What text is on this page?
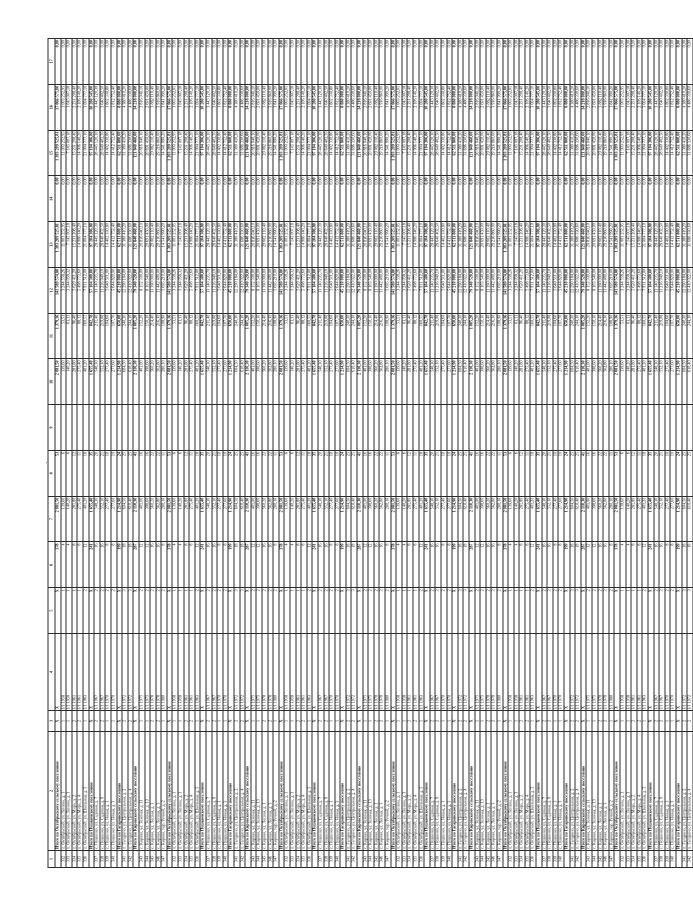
1	2	3	4	5	6	7	8	9	10	11	12	13	14	15	16	17
	Итого по Октябрьскому сельскому поселению	X	X	X	378	2 081,50	53		2 081,50	1 379,16	141 589 574,80	1 303 209 525,81	0,00	1 303 209 525,81	17 066 575,00	0,00
332	п. Октябрьский, ул. Ленина, д. 1	1	I/1 1958	1	4	139,60	6		139,60	53,51	3 244 558,26	11 003 252,95	0,00	11 003 252,95	1 003 252,95	0,00
333	п. Октябрьский, ул. Ленина, д. 3	1	I/1 1958	1	4	140,20	6		140,20	61,11	3 244 058,32	7 145 007,18	0,00	7 145 007,18	1 045 007,18	0,00
334	п. Октябрьский, ул. Мира, д. 2	2	I/1 1961	1	8	281,80	12		281,80	96,40	5 620 411,20	15 231 208,40	0,00	15 231 208,40	2 231 208,40	0,00
335	п. Октябрьский, ул. Мира, д. 4	2	I/1 1961	1	8	275,40	11		275,40	88,12	5 498 773,60	14 906 140,20	0,00	14 906 140,20	2 106 140,20	0,00
336	п. Октябрьский, ул. Школьная, д. 5	1	I/1 1963	2	12	401,20	18		401,20	160,55	7 931 512,00	21 004 777,10	0,00	21 004 777,10	3 004 777,10	0,00
	Итого по Пушкинскому поселению	X	X	X	241	1 655,40	35		1 655,40	842,78	57 104 300,00	97 104 306,80	0,00	97 104 306,80	10 280 545,00	0,00
337	с. Пушкино, ул. Садовая, д. 7	2	I/1 1967	2	16	548,30	20		548,30	211,40	11 140 235,70	28 445 120,30	0,00	28 445 120,30	3 445 120,30	0,00
338	с. Пушкино, ул. Садовая, д. 9	2	I/1 1967	2	16	552,10	21		552,10	219,08	11 216 940,10	28 640 402,50	0,00	28 640 402,50	3 640 402,50	0,00
339	с. Пушкино, ул. Новая, д. 1	1	I/1 1970	2	8	277,40	10		277,40	104,60	5 640 511,00	14 402 330,80	0,00	14 402 330,80	1 802 330,80	0,00
340	с. Пушкино, ул. Новая, д. 3	1	I/1 1970	2	8	277,60	10		277,60	107,70	5 644 820,00	14 412 752,40	0,00	14 412 752,40	1 812 752,40	0,00
	Итого по Гагаринскому поселению	X	X	X	199	1 214,90	24		1 214,90	650,00	45 210 000,00	62 511 800,00	0,00	62 511 800,00	8 080 000,00	0,00
341	п. Гагарино, ул. Центральная, д. 2	2	I/1 1972	3	18	604,50	25		604,50	240,30	12 290 184,00	31 380 410,20	0,00	31 380 410,20	4 380 410,20	0,00
342	п. Гагарино, ул. Центральная, д. 4	2	I/1 1972	3	18	610,40	25		610,40	244,10	12 410 022,00	31 686 330,60	0,00	31 686 330,60	4 486 330,60	0,00
	Итого по Кировскому сельскому поселению	X	X	X	287	2 110,30	41		2 110,30	1 005,20	79 340 520,00	121 840 460,00	0,00	121 840 460,00	14 218 000,00	0,00
343	с. Кирово, ул. Зеленая, д. 11	1	I/1 1975	2	12	401,00	16		401,00	152,20	8 152 330,00	20 816 040,10	0,00	20 816 040,10	2 816 040,10	0,00
344	с. Кирово, ул. Зеленая, д. 13	1	I/1 1975	2	12	398,60	16		398,60	150,10	8 103 540,00	20 691 450,00	0,00	20 691 450,00	2 691 450,00	0,00
345	с. Кирово, ул. Лесная, д. 1	2	I/1 1978	2	16	560,20	22		560,20	214,40	11 390 000,00	29 082 110,40	0,00	29 082 110,40	3 882 110,40	0,00
346	с. Кирово, ул. Лесная, д. 3	2	I/1 1978	2	16	562,80	22		562,80	216,30	11 442 400,00	29 216 860,00	0,00	29 216 860,00	3 916 860,00	0,00
347	с. Кирово, пер. Речной, д. 2	1	I/1 1980	2	8	280,10	11		280,10	108,90	5 695 210,00	14 541 990,20	0,00	14 541 990,20	1 841 990,20	0,00
	Итого по Октябрьскому сельскому поселению	X	X	X	378	2 081,50	53		2 081,50	1 379,16	141 589 574,80	1 303 209 525,81	0,00	1 303 209 525,81	17 066 575,00	0,00
332	п. Октябрьский, ул. Ленина, д. 1	1	I/1 1958	1	4	139,60	6		139,60	53,51	3 244 558,26	11 003 252,95	0,00	11 003 252,95	1 003 252,95	0,00
333	п. Октябрьский, ул. Ленина, д. 3	1	I/1 1958	1	4	140,20	6		140,20	61,11	3 244 058,32	7 145 007,18	0,00	7 145 007,18	1 045 007,18	0,00
334	п. Октябрьский, ул. Мира, д. 2	2	I/1 1961	1	8	281,80	12		281,80	96,40	5 620 411,20	15 231 208,40	0,00	15 231 208,40	2 231 208,40	0,00
335	п. Октябрьский, ул. Мира, д. 4	2	I/1 1961	1	8	275,40	11		275,40	88,12	5 498 773,60	14 906 140,20	0,00	14 906 140,20	2 106 140,20	0,00
336	п. Октябрьский, ул. Школьная, д. 5	1	I/1 1963	2	12	401,20	18		401,20	160,55	7 931 512,00	21 004 777,10	0,00	21 004 777,10	3 004 777,10	0,00
	Итого по Пушкинскому поселению	X	X	X	241	1 655,40	35		1 655,40	842,78	57 104 300,00	97 104 306,80	0,00	97 104 306,80	10 280 545,00	0,00
337	с. Пушкино, ул. Садовая, д. 7	2	I/1 1967	2	16	548,30	20		548,30	211,40	11 140 235,70	28 445 120,30	0,00	28 445 120,30	3 445 120,30	0,00
338	с. Пушкино, ул. Садовая, д. 9	2	I/1 1967	2	16	552,10	21		552,10	219,08	11 216 940,10	28 640 402,50	0,00	28 640 402,50	3 640 402,50	0,00
339	с. Пушкино, ул. Новая, д. 1	1	I/1 1970	2	8	277,40	10		277,40	104,60	5 640 511,00	14 402 330,80	0,00	14 402 330,80	1 802 330,80	0,00
340	с. Пушкино, ул. Новая, д. 3	1	I/1 1970	2	8	277,60	10		277,60	107,70	5 644 820,00	14 412 752,40	0,00	14 412 752,40	1 812 752,40	0,00
	Итого по Гагаринскому поселению	X	X	X	199	1 214,90	24		1 214,90	650,00	45 210 000,00	62 511 800,00	0,00	62 511 800,00	8 080 000,00	0,00
341	п. Гагарино, ул. Центральная, д. 2	2	I/1 1972	3	18	604,50	25		604,50	240,30	12 290 184,00	31 380 410,20	0,00	31 380 410,20	4 380 410,20	0,00
342	п. Гагарино, ул. Центральная, д. 4	2	I/1 1972	3	18	610,40	25		610,40	244,10	12 410 022,00	31 686 330,60	0,00	31 686 330,60	4 486 330,60	0,00
	Итого по Кировскому сельскому поселению	X	X	X	287	2 110,30	41		2 110,30	1 005,20	79 340 520,00	121 840 460,00	0,00	121 840 460,00	14 218 000,00	0,00
343	с. Кирово, ул. Зеленая, д. 11	1	I/1 1975	2	12	401,00	16		401,00	152,20	8 152 330,00	20 816 040,10	0,00	20 816 040,10	2 816 040,10	0,00
344	с. Кирово, ул. Зеленая, д. 13	1	I/1 1975	2	12	398,60	16		398,60	150,10	8 103 540,00	20 691 450,00	0,00	20 691 450,00	2 691 450,00	0,00
345	с. Кирово, ул. Лесная, д. 1	2	I/1 1978	2	16	560,20	22		560,20	214,40	11 390 000,00	29 082 110,40	0,00	29 082 110,40	3 882 110,40	0,00
346	с. Кирово, ул. Лесная, д. 3	2	I/1 1978	2	16	562,80	22		562,80	216,30	11 442 400,00	29 216 860,00	0,00	29 216 860,00	3 916 860,00	0,00
347	с. Кирово, пер. Речной, д. 2	1	I/1 1980	2	8	280,10	11		280,10	108,90	5 695 210,00	14 541 990,20	0,00	14 541 990,20	1 841 990,20	0,00
	Итого по Октябрьскому сельскому поселению	X	X	X	378	2 081,50	53		2 081,50	1 379,16	141 589 574,80	1 303 209 525,81	0,00	1 303 209 525,81	17 066 575,00	0,00
332	п. Октябрьский, ул. Ленина, д. 1	1	I/1 1958	1	4	139,60	6		139,60	53,51	3 244 558,26	11 003 252,95	0,00	11 003 252,95	1 003 252,95	0,00
333	п. Октябрьский, ул. Ленина, д. 3	1	I/1 1958	1	4	140,20	6		140,20	61,11	3 244 058,32	7 145 007,18	0,00	7 145 007,18	1 045 007,18	0,00
334	п. Октябрьский, ул. Мира, д. 2	2	I/1 1961	1	8	281,80	12		281,80	96,40	5 620 411,20	15 231 208,40	0,00	15 231 208,40	2 231 208,40	0,00
335	п. Октябрьский, ул. Мира, д. 4	2	I/1 1961	1	8	275,40	11		275,40	88,12	5 498 773,60	14 906 140,20	0,00	14 906 140,20	2 106 140,20	0,00
336	п. Октябрьский, ул. Школьная, д. 5	1	I/1 1963	2	12	401,20	18		401,20	160,55	7 931 512,00	21 004 777,10	0,00	21 004 777,10	3 004 777,10	0,00
	Итого по Пушкинскому поселению	X	X	X	241	1 655,40	35		1 655,40	842,78	57 104 300,00	97 104 306,80	0,00	97 104 306,80	10 280 545,00	0,00
337	с. Пушкино, ул. Садовая, д. 7	2	I/1 1967	2	16	548,30	20		548,30	211,40	11 140 235,70	28 445 120,30	0,00	28 445 120,30	3 445 120,30	0,00
338	с. Пушкино, ул. Садовая, д. 9	2	I/1 1967	2	16	552,10	21		552,10	219,08	11 216 940,10	28 640 402,50	0,00	28 640 402,50	3 640 402,50	0,00
339	с. Пушкино, ул. Новая, д. 1	1	I/1 1970	2	8	277,40	10		277,40	104,60	5 640 511,00	14 402 330,80	0,00	14 402 330,80	1 802 330,80	0,00
340	с. Пушкино, ул. Новая, д. 3	1	I/1 1970	2	8	277,60	10		277,60	107,70	5 644 820,00	14 412 752,40	0,00	14 412 752,40	1 812 752,40	0,00
	Итого по Гагаринскому поселению	X	X	X	199	1 214,90	24		1 214,90	650,00	45 210 000,00	62 511 800,00	0,00	62 511 800,00	8 080 000,00	0,00
341	п. Гагарино, ул. Центральная, д. 2	2	I/1 1972	3	18	604,50	25		604,50	240,30	12 290 184,00	31 380 410,20	0,00	31 380 410,20	4 380 410,20	0,00
342	п. Гагарино, ул. Центральная, д. 4	2	I/1 1972	3	18	610,40	25		610,40	244,10	12 410 022,00	31 686 330,60	0,00	31 686 330,60	4 486 330,60	0,00
	Итого по Кировскому сельскому поселению	X	X	X	287	2 110,30	41		2 110,30	1 005,20	79 340 520,00	121 840 460,00	0,00	121 840 460,00	14 218 000,00	0,00
343	с. Кирово, ул. Зеленая, д. 11	1	I/1 1975	2	12	401,00	16		401,00	152,20	8 152 330,00	20 816 040,10	0,00	20 816 040,10	2 816 040,10	0,00
344	с. Кирово, ул. Зеленая, д. 13	1	I/1 1975	2	12	398,60	16		398,60	150,10	8 103 540,00	20 691 450,00	0,00	20 691 450,00	2 691 450,00	0,00
345	с. Кирово, ул. Лесная, д. 1	2	I/1 1978	2	16	560,20	22		560,20	214,40	11 390 000,00	29 082 110,40	0,00	29 082 110,40	3 882 110,40	0,00
346	с. Кирово, ул. Лесная, д. 3	2	I/1 1978	2	16	562,80	22		562,80	216,30	11 442 400,00	29 216 860,00	0,00	29 216 860,00	3 916 860,00	0,00
347	с. Кирово, пер. Речной, д. 2	1	I/1 1980	2	8	280,10	11		280,10	108,90	5 695 210,00	14 541 990,20	0,00	14 541 990,20	1 841 990,20	0,00
	Итого по Октябрьскому сельскому поселению	X	X	X	378	2 081,50	53		2 081,50	1 379,16	141 589 574,80	1 303 209 525,81	0,00	1 303 209 525,81	17 066 575,00	0,00
332	п. Октябрьский, ул. Ленина, д. 1	1	I/1 1958	1	4	139,60	6		139,60	53,51	3 244 558,26	11 003 252,95	0,00	11 003 252,95	1 003 252,95	0,00
333	п. Октябрьский, ул. Ленина, д. 3	1	I/1 1958	1	4	140,20	6		140,20	61,11	3 244 058,32	7 145 007,18	0,00	7 145 007,18	1 045 007,18	0,00
334	п. Октябрьский, ул. Мира, д. 2	2	I/1 1961	1	8	281,80	12		281,80	96,40	5 620 411,20	15 231 208,40	0,00	15 231 208,40	2 231 208,40	0,00
335	п. Октябрьский, ул. Мира, д. 4	2	I/1 1961	1	8	275,40	11		275,40	88,12	5 498 773,60	14 906 140,20	0,00	14 906 140,20	2 106 140,20	0,00
336	п. Октябрьский, ул. Школьная, д. 5	1	I/1 1963	2	12	401,20	18		401,20	160,55	7 931 512,00	21 004 777,10	0,00	21 004 777,10	3 004 777,10	0,00
	Итого по Пушкинскому поселению	X	X	X	241	1 655,40	35		1 655,40	842,78	57 104 300,00	97 104 306,80	0,00	97 104 306,80	10 280 545,00	0,00
337	с. Пушкино, ул. Садовая, д. 7	2	I/1 1967	2	16	548,30	20		548,30	211,40	11 140 235,70	28 445 120,30	0,00	28 445 120,30	3 445 120,30	0,00
338	с. Пушкино, ул. Садовая, д. 9	2	I/1 1967	2	16	552,10	21		552,10	219,08	11 216 940,10	28 640 402,50	0,00	28 640 402,50	3 640 402,50	0,00
339	с. Пушкино, ул. Новая, д. 1	1	I/1 1970	2	8	277,40	10		277,40	104,60	5 640 511,00	14 402 330,80	0,00	14 402 330,80	1 802 330,80	0,00
340	с. Пушкино, ул. Новая, д. 3	1	I/1 1970	2	8	277,60	10		277,60	107,70	5 644 820,00	14 412 752,40	0,00	14 412 752,40	1 812 752,40	0,00
	Итого по Гагаринскому поселению	X	X	X	199	1 214,90	24		1 214,90	650,00	45 210 000,00	62 511 800,00	0,00	62 511 800,00	8 080 000,00	0,00
341	п. Гагарино, ул. Центральная, д. 2	2	I/1 1972	3	18	604,50	25		604,50	240,30	12 290 184,00	31 380 410,20	0,00	31 380 410,20	4 380 410,20	0,00
342	п. Гагарино, ул. Центральная, д. 4	2	I/1 1972	3	18	610,40	25		610,40	244,10	12 410 022,00	31 686 330,60	0,00	31 686 330,60	4 486 330,60	0,00
	Итого по Кировскому сельскому поселению	X	X	X	287	2 110,30	41		2 110,30	1 005,20	79 340 520,00	121 840 460,00	0,00	121 840 460,00	14 218 000,00	0,00
343	с. Кирово, ул. Зеленая, д. 11	1	I/1 1975	2	12	401,00	16		401,00	152,20	8 152 330,00	20 816 040,10	0,00	20 816 040,10	2 816 040,10	0,00
344	с. Кирово, ул. Зеленая, д. 13	1	I/1 1975	2	12	398,60	16		398,60	150,10	8 103 540,00	20 691 450,00	0,00	20 691 450,00	2 691 450,00	0,00
345	с. Кирово, ул. Лесная, д. 1	2	I/1 1978	2	16	560,20	22		560,20	214,40	11 390 000,00	29 082 110,40	0,00	29 082 110,40	3 882 110,40	0,00
346	с. Кирово, ул. Лесная, д. 3	2	I/1 1978	2	16	562,80	22		562,80	216,30	11 442 400,00	29 216 860,00	0,00	29 216 860,00	3 916 860,00	0,00
347	с. Кирово, пер. Речной, д. 2	1	I/1 1980	2	8	280,10	11		280,10	108,90	5 695 210,00	14 541 990,20	0,00	14 541 990,20	1 841 990,20	0,00
	Итого по Октябрьскому сельскому поселению	X	X	X	378	2 081,50	53		2 081,50	1 379,16	141 589 574,80	1 303 209 525,81	0,00	1 303 209 525,81	17 066 575,00	0,00
332	п. Октябрьский, ул. Ленина, д. 1	1	I/1 1958	1	4	139,60	6		139,60	53,51	3 244 558,26	11 003 252,95	0,00	11 003 252,95	1 003 252,95	0,00
333	п. Октябрьский, ул. Ленина, д. 3	1	I/1 1958	1	4	140,20	6		140,20	61,11	3 244 058,32	7 145 007,18	0,00	7 145 007,18	1 045 007,18	0,00
334	п. Октябрьский, ул. Мира, д. 2	2	I/1 1961	1	8	281,80	12		281,80	96,40	5 620 411,20	15 231 208,40	0,00	15 231 208,40	2 231 208,40	0,00
335	п. Октябрьский, ул. Мира, д. 4	2	I/1 1961	1	8	275,40	11		275,40	88,12	5 498 773,60	14 906 140,20	0,00	14 906 140,20	2 106 140,20	0,00
336	п. Октябрьский, ул. Школьная, д. 5	1	I/1 1963	2	12	401,20	18		401,20	160,55	7 931 512,00	21 004 777,10	0,00	21 004 777,10	3 004 777,10	0,00
	Итого по Пушкинскому поселению	X	X	X	241	1 655,40	35		1 655,40	842,78	57 104 300,00	97 104 306,80	0,00	97 104 306,80	10 280 545,00	0,00
337	с. Пушкино, ул. Садовая, д. 7	2	I/1 1967	2	16	548,30	20		548,30	211,40	11 140 235,70	28 445 120,30	0,00	28 445 120,30	3 445 120,30	0,00
338	с. Пушкино, ул. Садовая, д. 9	2	I/1 1967	2	16	552,10	21		552,10	219,08	11 216 940,10	28 640 402,50	0,00	28 640 402,50	3 640 402,50	0,00
339	с. Пушкино, ул. Новая, д. 1	1	I/1 1970	2	8	277,40	10		277,40	104,60	5 640 511,00	14 402 330,80	0,00	14 402 330,80	1 802 330,80	0,00
340	с. Пушкино, ул. Новая, д. 3	1	I/1 1970	2	8	277,60	10		277,60	107,70	5 644 820,00	14 412 752,40	0,00	14 412 752,40	1 812 752,40	0,00
	Итого по Гагаринскому поселению	X	X	X	199	1 214,90	24		1 214,90	650,00	45 210 000,00	62 511 800,00	0,00	62 511 800,00	8 080 000,00	0,00
341	п. Гагарино, ул. Центральная, д. 2	2	I/1 1972	3	18	604,50	25		604,50	240,30	12 290 184,00	31 380 410,20	0,00	31 380 410,20	4 380 410,20	0,00
342	п. Гагарино, ул. Центральная, д. 4	2	I/1 1972	3	18	610,40	25		610,40	244,10	12 410 022,00	31 686 330,60	0,00	31 686 330,60	4 486 330,60	0,00
	Итого по Кировскому сельскому поселению	X	X	X	287	2 110,30	41		2 110,30	1 005,20	79 340 520,00	121 840 460,00	0,00	121 840 460,00	14 218 000,00	0,00
343	с. Кирово, ул. Зеленая, д. 11	1	I/1 1975	2	12	401,00	16		401,00	152,20	8 152 330,00	20 816 040,10	0,00	20 816 040,10	2 816 040,10	0,00
344	с. Кирово, ул. Зеленая, д. 13	1	I/1 1975	2	12	398,60	16		398,60	150,10	8 103 540,00	20 691 450,00	0,00	20 691 450,00	2 691 450,00	0,00
345	с. Кирово, ул. Лесная, д. 1	2	I/1 1978	2	16	560,20	22		560,20	214,40	11 390 000,00	29 082 110,40	0,00	29 082 110,40	3 882 110,40	0,00
346	с. Кирово, ул. Лесная, д. 3	2	I/1 1978	2	16	562,80	22		562,80	216,30	11 442 400,00	29 216 860,00	0,00	29 216 860,00	3 916 860,00	0,00
347	с. Кирово, пер. Речной, д. 2	1	I/1 1980	2	8	280,10	11		280,10	108,90	5 695 210,00	14 541 990,20	0,00	14 541 990,20	1 841 990,20	0,00
	Итого по Октябрьскому сельскому поселению	X	X	X	378	2 081,50	53		2 081,50	1 379,16	141 589 574,80	1 303 209 525,81	0,00	1 303 209 525,81	17 066 575,00	0,00
332	п. Октябрьский, ул. Ленина, д. 1	1	I/1 1958	1	4	139,60	6		139,60	53,51	3 244 558,26	11 003 252,95	0,00	11 003 252,95	1 003 252,95	0,00
333	п. Октябрьский, ул. Ленина, д. 3	1	I/1 1958	1	4	140,20	6		140,20	61,11	3 244 058,32	7 145 007,18	0,00	7 145 007,18	1 045 007,18	0,00
334	п. Октябрьский, ул. Мира, д. 2	2	I/1 1961	1	8	281,80	12		281,80	96,40	5 620 411,20	15 231 208,40	0,00	15 231 208,40	2 231 208,40	0,00
335	п. Октябрьский, ул. Мира, д. 4	2	I/1 1961	1	8	275,40	11		275,40	88,12	5 498 773,60	14 906 140,20	0,00	14 906 140,20	2 106 140,20	0,00
336	п. Октябрьский, ул. Школьная, д. 5	1	I/1 1963	2	12	401,20	18		401,20	160,55	7 931 512,00	21 004 777,10	0,00	21 004 777,10	3 004 777,10	0,00
	Итого по Пушкинскому поселению	X	X	X	241	1 655,40	35		1 655,40	842,78	57 104 300,00	97 104 306,80	0,00	97 104 306,80	10 280 545,00	0,00
337	с. Пушкино, ул. Садовая, д. 7	2	I/1 1967	2	16	548,30	20		548,30	211,40	11 140 235,70	28 445 120,30	0,00	28 445 120,30	3 445 120,30	0,00
338	с. Пушкино, ул. Садовая, д. 9	2	I/1 1967	2	16	552,10	21		552,10	219,08	11 216 940,10	28 640 402,50	0,00	28 640 402,50	3 640 402,50	0,00
339	с. Пушкино, ул. Новая, д. 1	1	I/1 1970	2	8	277,40	10		277,40	104,60	5 640 511,00	14 402 330,80	0,00	14 402 330,80	1 802 330,80	0,00
340	с. Пушкино, ул. Новая, д. 3	1	I/1 1970	2	8	277,60	10		277,60	107,70	5 644 820,00	14 412 752,40	0,00	14 412 752,40	1 812 752,40	0,00
	Итого по Гагаринскому поселению	X	X	X	199	1 214,90	24		1 214,90	650,00	45 210 000,00	62 511 800,00	0,00	62 511 800,00	8 080 000,00	0,00
341	п. Гагарино, ул. Центральная, д. 2	2	I/1 1972	3	18	604,50	25		604,50	240,30	12 290 184,00	31 380 410,20	0,00	31 380 410,20	4 380 410,20	0,00
342	п. Гагарино, ул. Центральная, д. 4	2	I/1 1972	3	18	610,40	25		610,40	244,10	12 410 022,00	31 686 330,60	0,00	31 686 330,60	4 486 330,60	0,00
'
